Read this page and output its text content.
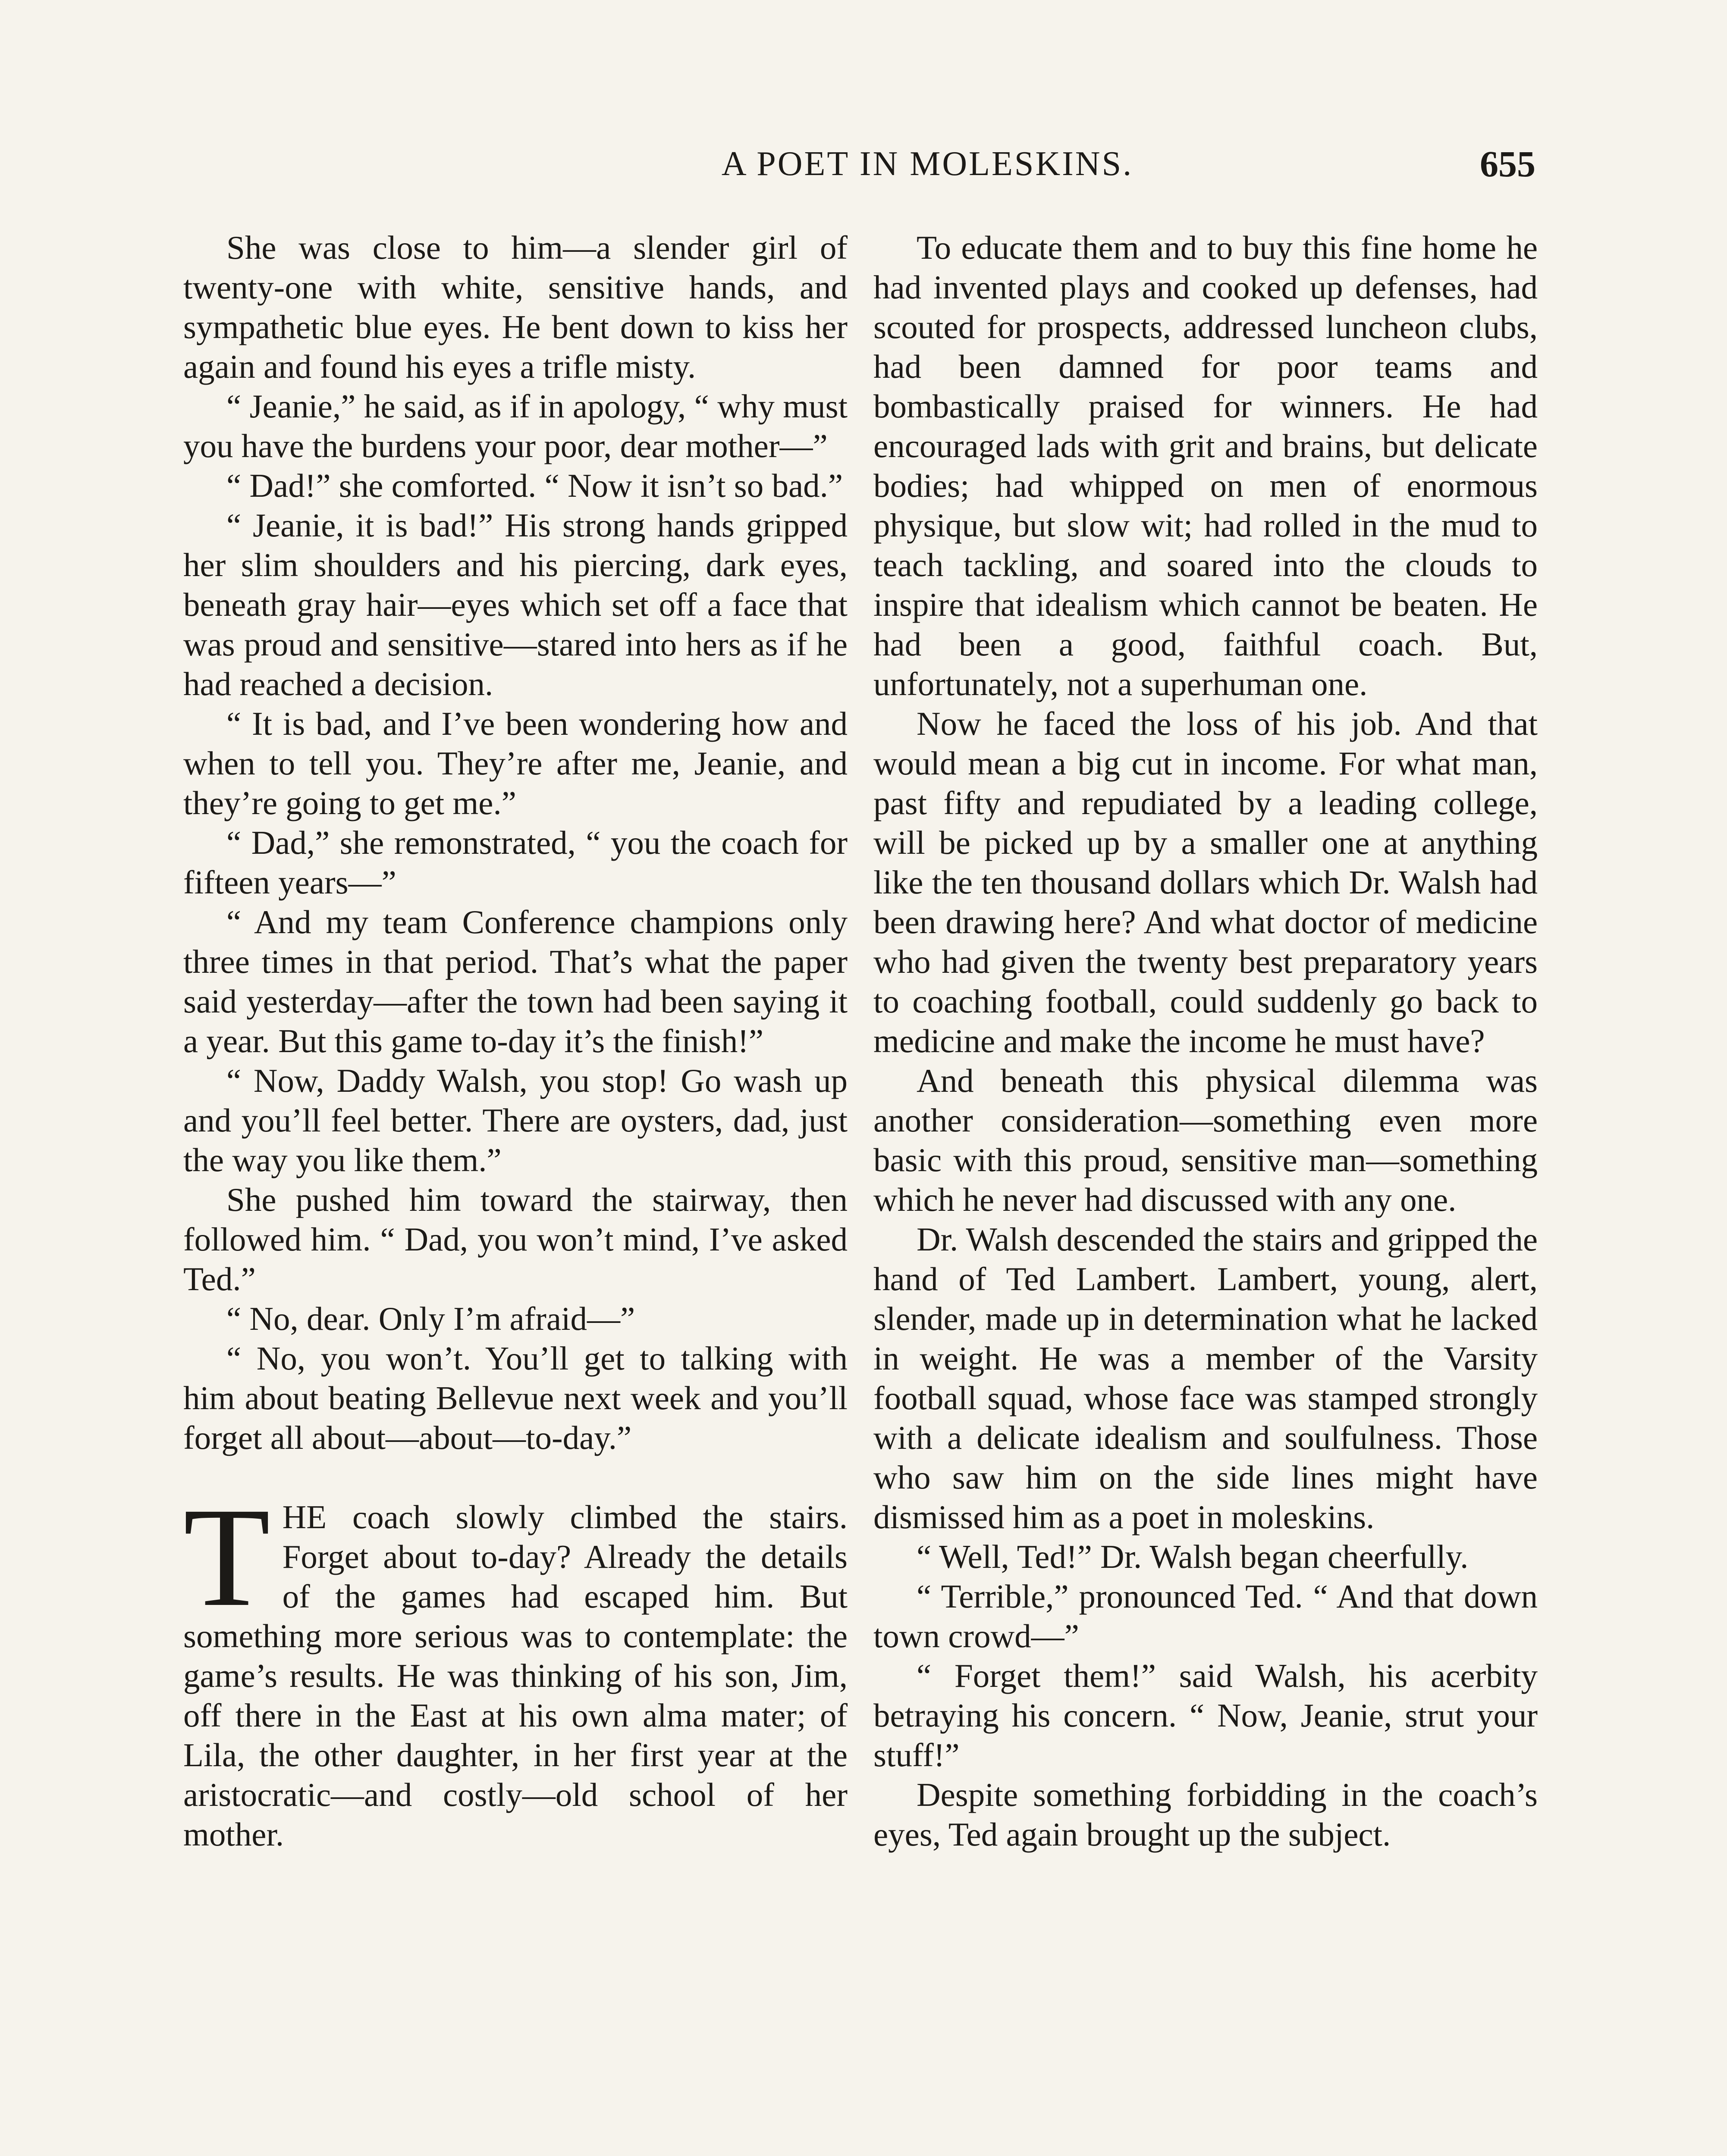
A POET IN MOLESKINS.	655

She was close to him—a slender girl of twenty-one with white, sensitive hands, and sympathetic blue eyes. He bent down to kiss her again and found his eyes a trifle misty.

“ Jeanie,” he said, as if in apology, “ why must you have the burdens your poor, dear mother—”

“ Dad!” she comforted. “ Now it isn’t so bad.”

“ Jeanie, it is bad!” His strong hands gripped her slim shoulders and his piercing, dark eyes, beneath gray hair—eyes which set off a face that was proud and sensitive—stared into hers as if he had reached a decision.

“ It is bad, and I’ve been wondering how and when to tell you. They’re after me, Jeanie, and they’re going to get me.”

“ Dad,” she remonstrated, “ you the coach for fifteen years—”

“ And my team Conference champions only three times in that period. That’s what the paper said yesterday—after the town had been saying it a year. But this game to-day it’s the finish!”

“ Now, Daddy Walsh, you stop! Go wash up and you’ll feel better. There are oysters, dad, just the way you like them.”

She pushed him toward the stairway, then followed him. “ Dad, you won’t mind, I’ve asked Ted.”

“ No, dear. Only I’m afraid—”

“ No, you won’t. You’ll get to talking with him about beating Bellevue next week and you’ll forget all about—about—to-day.”

THE coach slowly climbed the stairs. Forget about to-day? Already the details of the games had escaped him. But something more serious was to contemplate: the game’s results. He was thinking of his son, Jim, off there in the East at his own alma mater; of Lila, the other daughter, in her first year at the aristocratic—and costly—old school of her mother.

To educate them and to buy this fine home he had invented plays and cooked up defenses, had scouted for prospects, addressed luncheon clubs, had been damned for poor teams and bombastically praised for winners. He had encouraged lads with grit and brains, but delicate bodies; had whipped on men of enormous physique, but slow wit; had rolled in the mud to teach tackling, and soared into the clouds to inspire that idealism which cannot be beaten. He had been a good, faithful coach. But, unfortunately, not a superhuman one.

Now he faced the loss of his job. And that would mean a big cut in income. For what man, past fifty and repudiated by a leading college, will be picked up by a smaller one at anything like the ten thousand dollars which Dr. Walsh had been drawing here? And what doctor of medicine who had given the twenty best preparatory years to coaching football, could suddenly go back to medicine and make the income he must have?

And beneath this physical dilemma was another consideration—something even more basic with this proud, sensitive man—something which he never had discussed with any one.

Dr. Walsh descended the stairs and gripped the hand of Ted Lambert. Lambert, young, alert, slender, made up in determination what he lacked in weight. He was a member of the Varsity football squad, whose face was stamped strongly with a delicate idealism and soulfulness. Those who saw him on the side lines might have dismissed him as a poet in moleskins.

“ Well, Ted!” Dr. Walsh began cheerfully.

“ Terrible,” pronounced Ted. “ And that down town crowd—”

“ Forget them!” said Walsh, his acerbity betraying his concern. “ Now, Jeanie, strut your stuff!”

Despite something forbidding in the coach’s eyes, Ted again brought up the subject.
